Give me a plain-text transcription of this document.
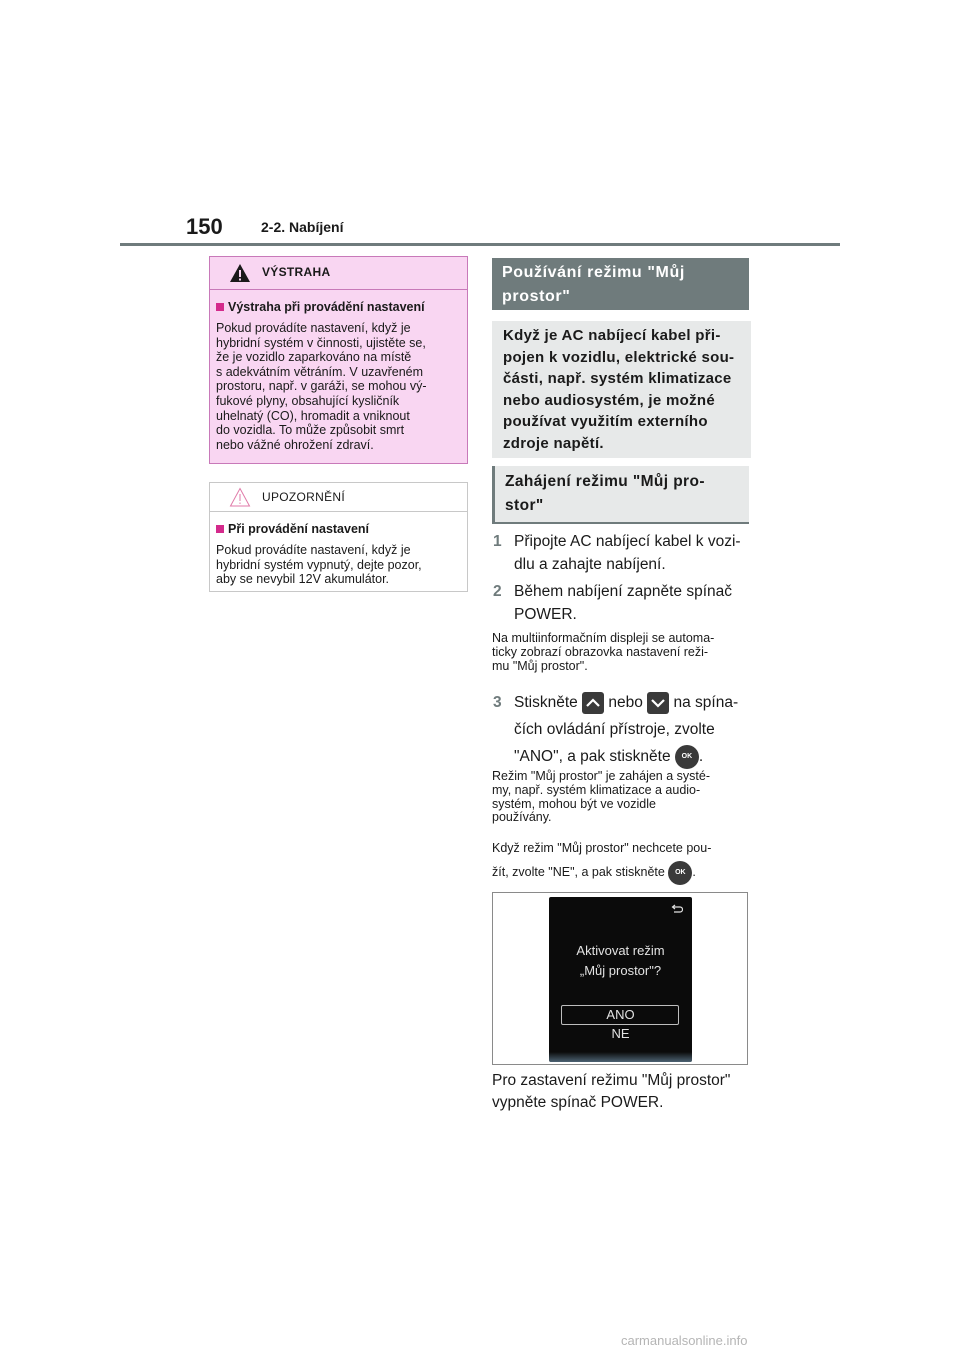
150	2-2. Nabíjení
VÝSTRAHA
Výstraha při provádění nastavení
Pokud provádíte nastavení, když je
hybridní systém v činnosti, ujistěte se,
že je vozidlo zaparkováno na místě
s adekvátním větráním. V uzavřeném
prostoru, např. v garáži, se mohou vý-
fukové plyny, obsahující kysličník
uhelnatý (CO), hromadit a vniknout
do vozidla. To může způsobit smrt
nebo vážné ohrožení zdraví.
UPOZORNĚNÍ
Při provádění nastavení
Pokud provádíte nastavení, když je
hybridní systém vypnutý, dejte pozor,
aby se nevybil 12V akumulátor.
Používání režimu "Můj
prostor"
Když je AC nabíjecí kabel při-
pojen k vozidlu, elektrické sou-
části, např. systém klimatizace
nebo audiosystém, je možné
používat využitím externího
zdroje napětí.
Zahájení režimu "Můj pro-
stor"
1 Připojte AC nabíjecí kabel k vozi-
dlu a zahajte nabíjení.
2 Během nabíjení zapněte spínač
POWER.
Na multiinformačním displeji se automa-
ticky zobrazí obrazovka nastavení reži-
mu "Můj prostor".
3 Stiskněte nebo na spína-
čích ovládání přístroje, zvolte
"ANO", a pak stiskněte OK .
Režim "Můj prostor" je zahájen a systé-
my, např. systém klimatizace a audio-
systém, mohou být ve vozidle
používány.
Když režim "Můj prostor" nechcete pou-
žít, zvolte "NE", a pak stiskněte OK .
Aktivovat režim
„Můj prostor"?
ANO
NE
Pro zastavení režimu "Můj prostor"
vypněte spínač POWER.
carmanualsonline.info
